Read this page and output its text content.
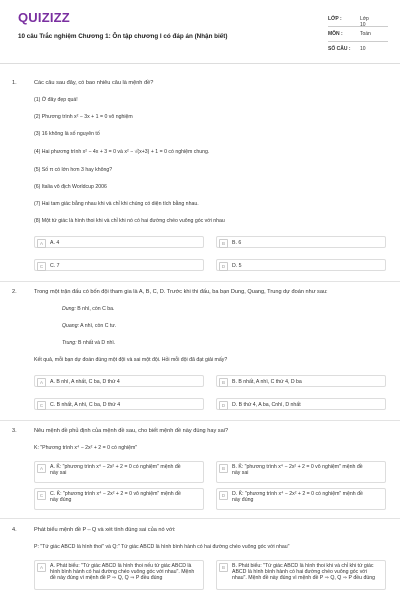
QUIZIZZ
10 câu Trắc nghiệm Chương 1: Ôn tập chương I có đáp án (Nhận biết)
LỚP :	Lớp 10
MÔN :	Toán
SỐ CÂU : 10
1.	Các câu sau đây, có bao nhiêu câu là mệnh đề?
(1) Ở đây đẹp quá!
(2) Phương trình x² − 3x + 1 = 0 vô nghiệm
(3) 16 không là số nguyên tố
(4) Hai phương trình x² − 4x + 3 = 0 và x² − √(x+3) + 1 = 0 có nghiệm chung.
(5) Số π có lớn hơn 3 hay không?
(6) Italia vô địch Worldcup 2006
(7) Hai tam giác bằng nhau khi và chỉ khi chúng có diện tích bằng nhau.
(8) Một tứ giác là hình thoi khi và chỉ khi nó có hai đường chéo vuông góc với nhau
A	A. 4	B	B. 6
C	C. 7	D	D. 5
2.	Trong một trận đấu có bốn đội tham gia là A, B, C, D. Trước khi thi đấu, ba bạn Dung, Quang, Trung dự đoán như sau:
Dung: B nhì, còn C ba.
Quang: A nhì, còn C tư.
Trung: B nhất và D nhì.
Kết quả, mỗi bạn dự đoán đúng một đội và sai một đội. Hỏi mỗi đội đã đạt giải mấy?
A	A. B nhì, A nhất, C ba, D thứ 4	B	B. B nhất, A nhì, C thứ 4, D ba
C	C. B nhất, A nhì, C ba, D thứ 4	D	D. B thứ 4, A ba, Cnhì, D nhất
3.	Nêu mệnh đề phủ định của mệnh đề sau, cho biết mệnh đề này đúng hay sai?
K: "Phương trình x⁴ − 2x² + 2 = 0 có nghiệm"
A	A. K̄: "phương trình x⁴ − 2x² + 2 = 0 có nghiệm" mệnh đề này sai
B	B. K̄: "phương trình x⁴ − 2x² + 2 = 0 vô nghiệm" mệnh đề này sai
C	C. K̄: "phương trình x⁴ − 2x² + 2 = 0 vô nghiệm" mệnh đề này đúng
D	D. K̄: "phương trình x⁴ − 2x² + 2 = 0 có nghiệm" mệnh đề này đúng
4.	Phát biểu mệnh đề P⇔Q và xét tính đúng sai của nó với:
P: "Tứ giác ABCD là hình thoi" và Q:" Tứ giác ABCD là hình bình hành có hai đường chéo vuông góc với nhau"
A	A. Phát biểu: "Tứ giác ABCD là hình thoi nếu tứ giác ABCD là hình bình hành có hai đường chéo vuông góc với nhau". Mệnh đề này đúng vì mệnh đề P ⇒ Q, Q ⇒ P đều đúng
B	B. Phát biểu: "Tứ giác ABCD là hình thoi khi và chỉ khi tứ giác ABCD là hình bình hành có hai đường chéo vuông góc với nhau". Mệnh đề này đúng vì mệnh đề P ⇒ Q, Q ⇒ P đều đúng
